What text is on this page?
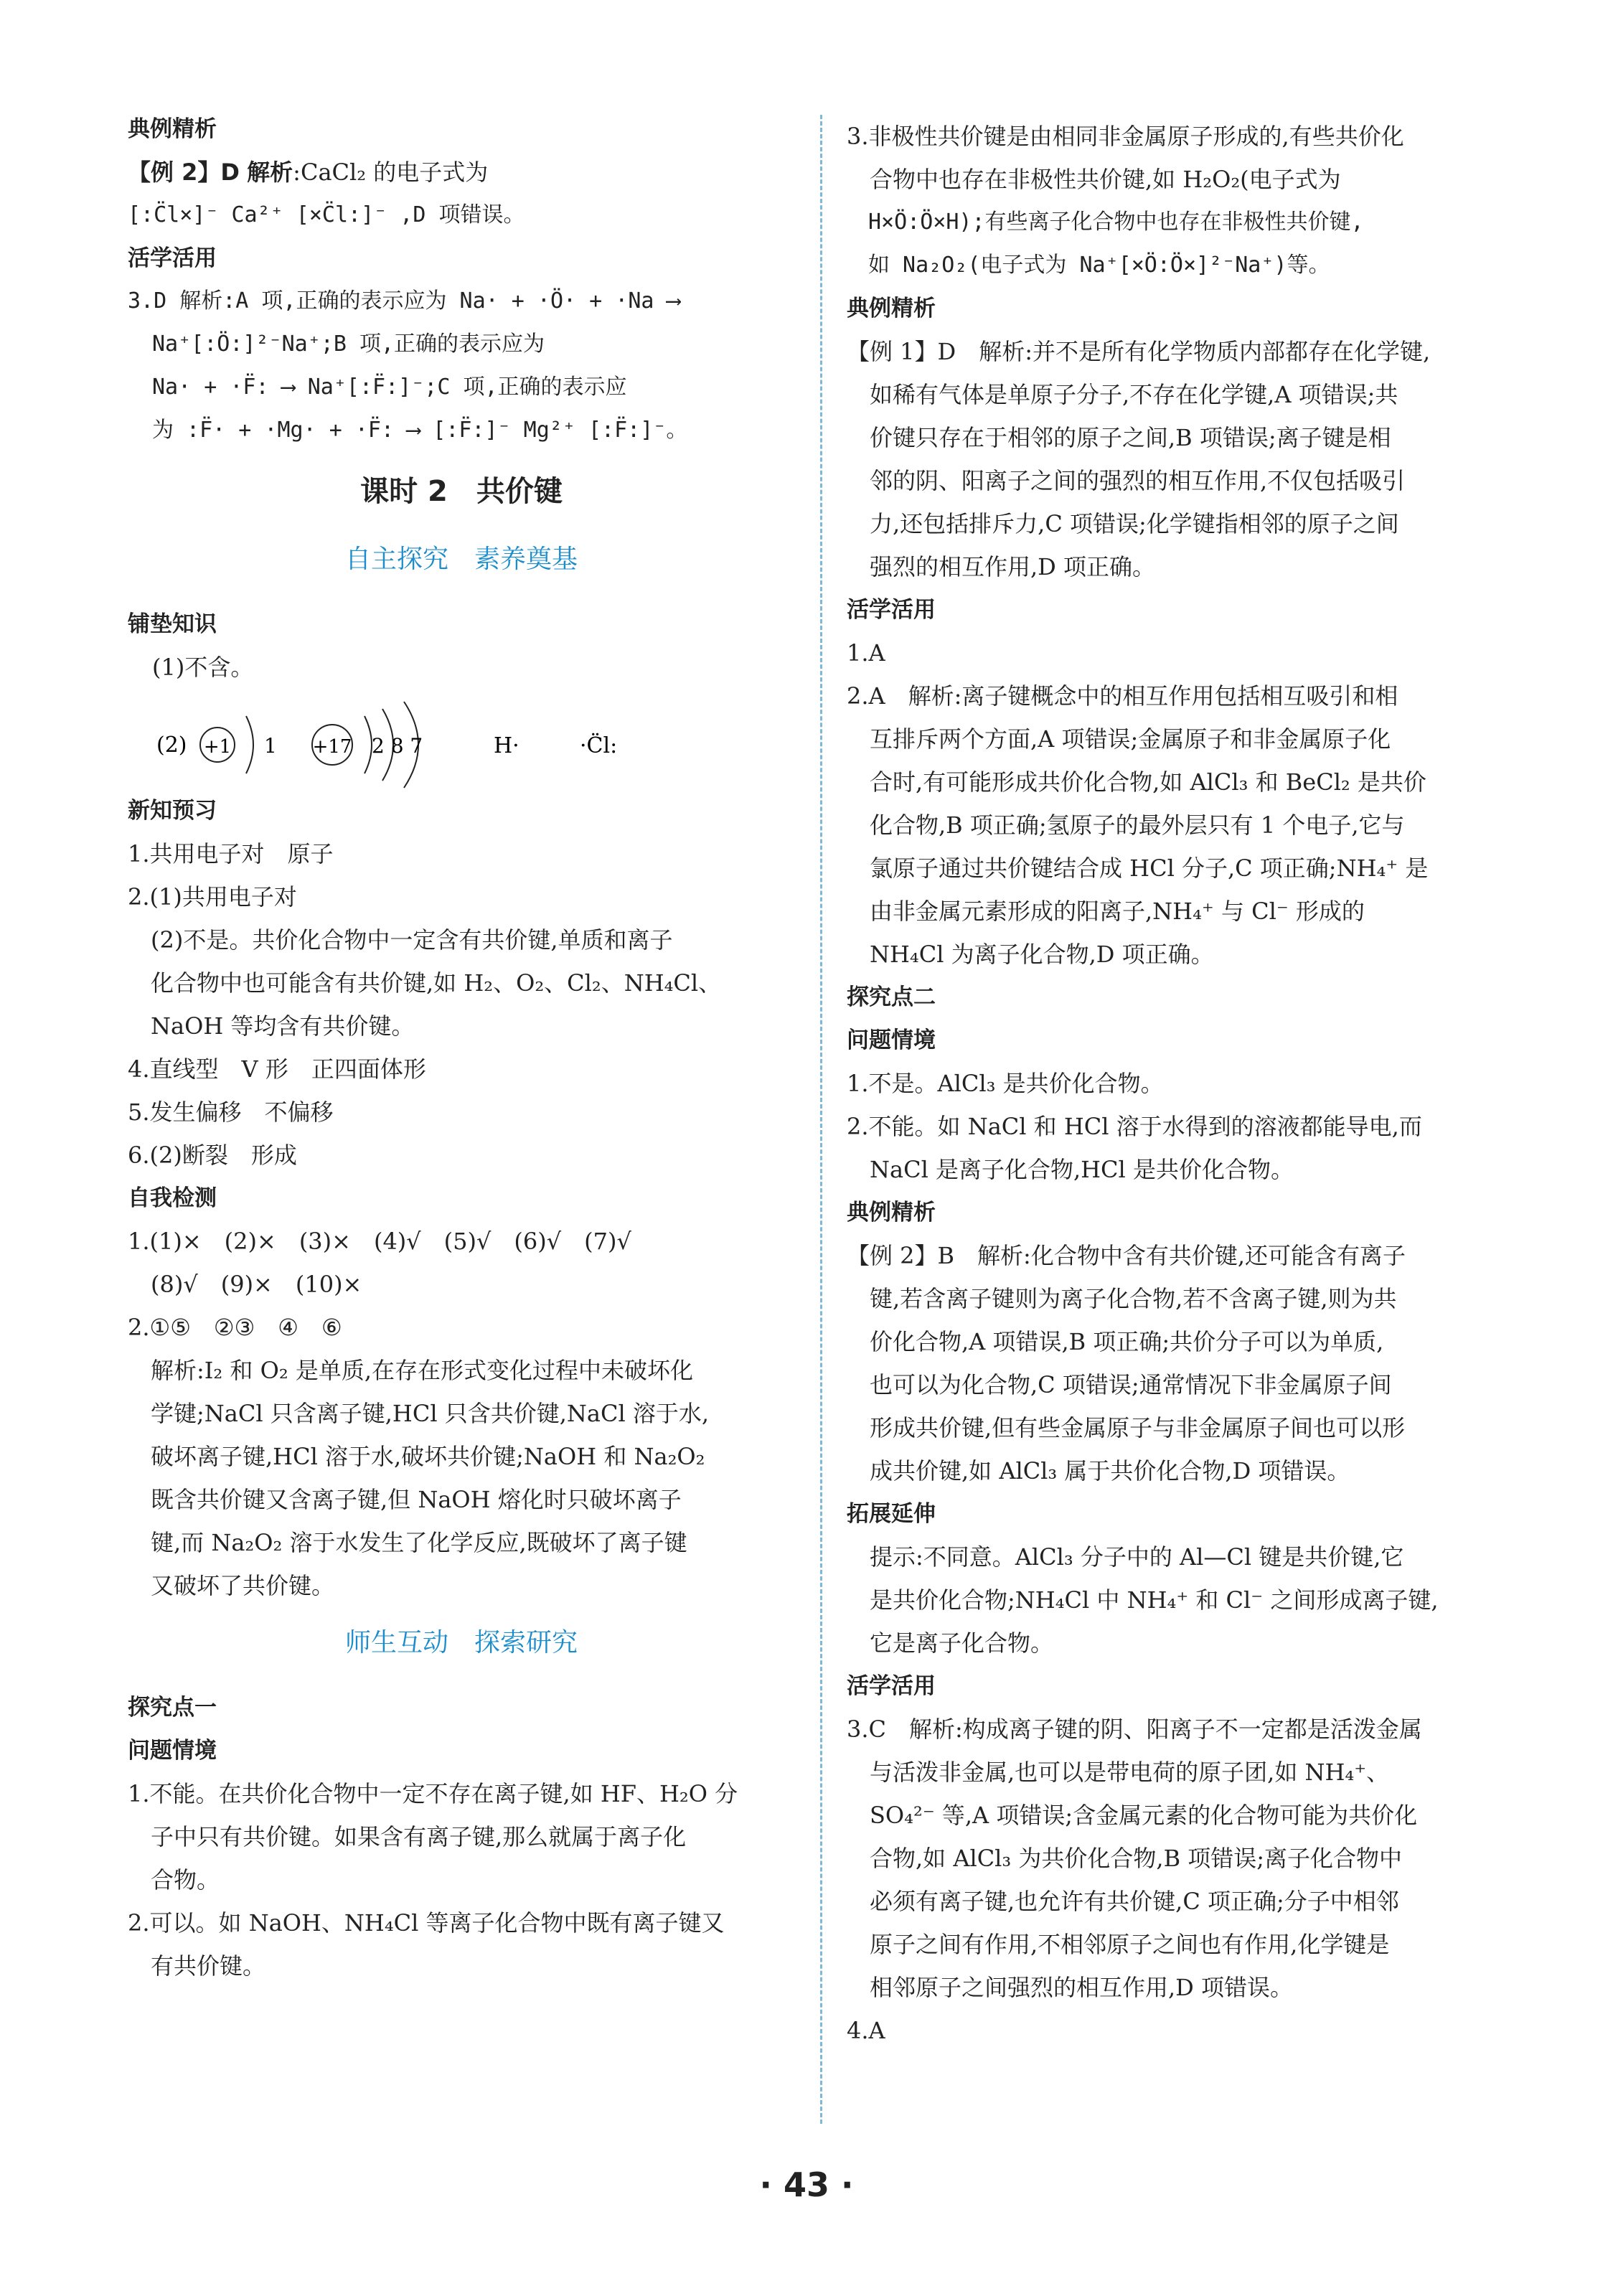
典例精析
【例 2】D 解析:CaCl₂ 的电子式为
[:C̈l×]⁻ Ca²⁺ [×C̈l:]⁻ ,D 项错误。
活学活用
3.D 解析:A 项,正确的表示应为 Na· + ·Ö· + ·Na ⟶
Na⁺[:Ö:]²⁻Na⁺;B 项,正确的表示应为
Na· + ·F̈: ⟶ Na⁺[:F̈:]⁻;C 项,正确的表示应
为 :F̈· + ·Mg· + ·F̈: ⟶ [:F̈:]⁻ Mg²⁺ [:F̈:]⁻。
课时 2　共价键
自主探究　素养奠基
铺垫知识
(1)不含。
(2) +1 1 +17 2 8 7	H·	·C̈l:
新知预习
1.共用电子对　原子
2.(1)共用电子对
　(2)不是。共价化合物中一定含有共价键,单质和离子
　化合物中也可能含有共价键,如 H₂、O₂、Cl₂、NH₄Cl、
　NaOH 等均含有共价键。
4.直线型　V 形　正四面体形
5.发生偏移　不偏移
6.(2)断裂　形成
自我检测
1.(1)×　(2)×　(3)×　(4)√　(5)√　(6)√　(7)√
　(8)√　(9)×　(10)×
2.①⑤　②③　④　⑥
　解析:I₂ 和 O₂ 是单质,在存在形式变化过程中未破坏化
　学键;NaCl 只含离子键,HCl 只含共价键,NaCl 溶于水,
　破坏离子键,HCl 溶于水,破坏共价键;NaOH 和 Na₂O₂
　既含共价键又含离子键,但 NaOH 熔化时只破坏离子
　键,而 Na₂O₂ 溶于水发生了化学反应,既破坏了离子键
　又破坏了共价键。
师生互动　探索研究
探究点一
问题情境
1.不能。在共价化合物中一定不存在离子键,如 HF、H₂O 分
　子中只有共价键。如果含有离子键,那么就属于离子化
　合物。
2.可以。如 NaOH、NH₄Cl 等离子化合物中既有离子键又
　有共价键。
3.非极性共价键是由相同非金属原子形成的,有些共价化
　合物中也存在非极性共价键,如 H₂O₂(电子式为
　H×Ö:Ö×H);有些离子化合物中也存在非极性共价键,
　如 Na₂O₂(电子式为 Na⁺[×Ö:Ö×]²⁻Na⁺)等。
典例精析
【例 1】D　解析:并不是所有化学物质内部都存在化学键,
　如稀有气体是单原子分子,不存在化学键,A 项错误;共
　价键只存在于相邻的原子之间,B 项错误;离子键是相
　邻的阴、阳离子之间的强烈的相互作用,不仅包括吸引
　力,还包括排斥力,C 项错误;化学键指相邻的原子之间
　强烈的相互作用,D 项正确。
活学活用
1.A
2.A　解析:离子键概念中的相互作用包括相互吸引和相
　互排斥两个方面,A 项错误;金属原子和非金属原子化
　合时,有可能形成共价化合物,如 AlCl₃ 和 BeCl₂ 是共价
　化合物,B 项正确;氢原子的最外层只有 1 个电子,它与
　氯原子通过共价键结合成 HCl 分子,C 项正确;NH₄⁺ 是
　由非金属元素形成的阳离子,NH₄⁺ 与 Cl⁻ 形成的
　NH₄Cl 为离子化合物,D 项正确。
探究点二
问题情境
1.不是。AlCl₃ 是共价化合物。
2.不能。如 NaCl 和 HCl 溶于水得到的溶液都能导电,而
　NaCl 是离子化合物,HCl 是共价化合物。
典例精析
【例 2】B　解析:化合物中含有共价键,还可能含有离子
　键,若含离子键则为离子化合物,若不含离子键,则为共
　价化合物,A 项错误,B 项正确;共价分子可以为单质,
　也可以为化合物,C 项错误;通常情况下非金属原子间
　形成共价键,但有些金属原子与非金属原子间也可以形
　成共价键,如 AlCl₃ 属于共价化合物,D 项错误。
拓展延伸
　提示:不同意。AlCl₃ 分子中的 Al—Cl 键是共价键,它
　是共价化合物;NH₄Cl 中 NH₄⁺ 和 Cl⁻ 之间形成离子键,
　它是离子化合物。
活学活用
3.C　解析:构成离子键的阴、阳离子不一定都是活泼金属
　与活泼非金属,也可以是带电荷的原子团,如 NH₄⁺、
　SO₄²⁻ 等,A 项错误;含金属元素的化合物可能为共价化
　合物,如 AlCl₃ 为共价化合物,B 项错误;离子化合物中
　必须有离子键,也允许有共价键,C 项正确;分子中相邻
　原子之间有作用,不相邻原子之间也有作用,化学键是
　相邻原子之间强烈的相互作用,D 项错误。
4.A
· 43 ·
